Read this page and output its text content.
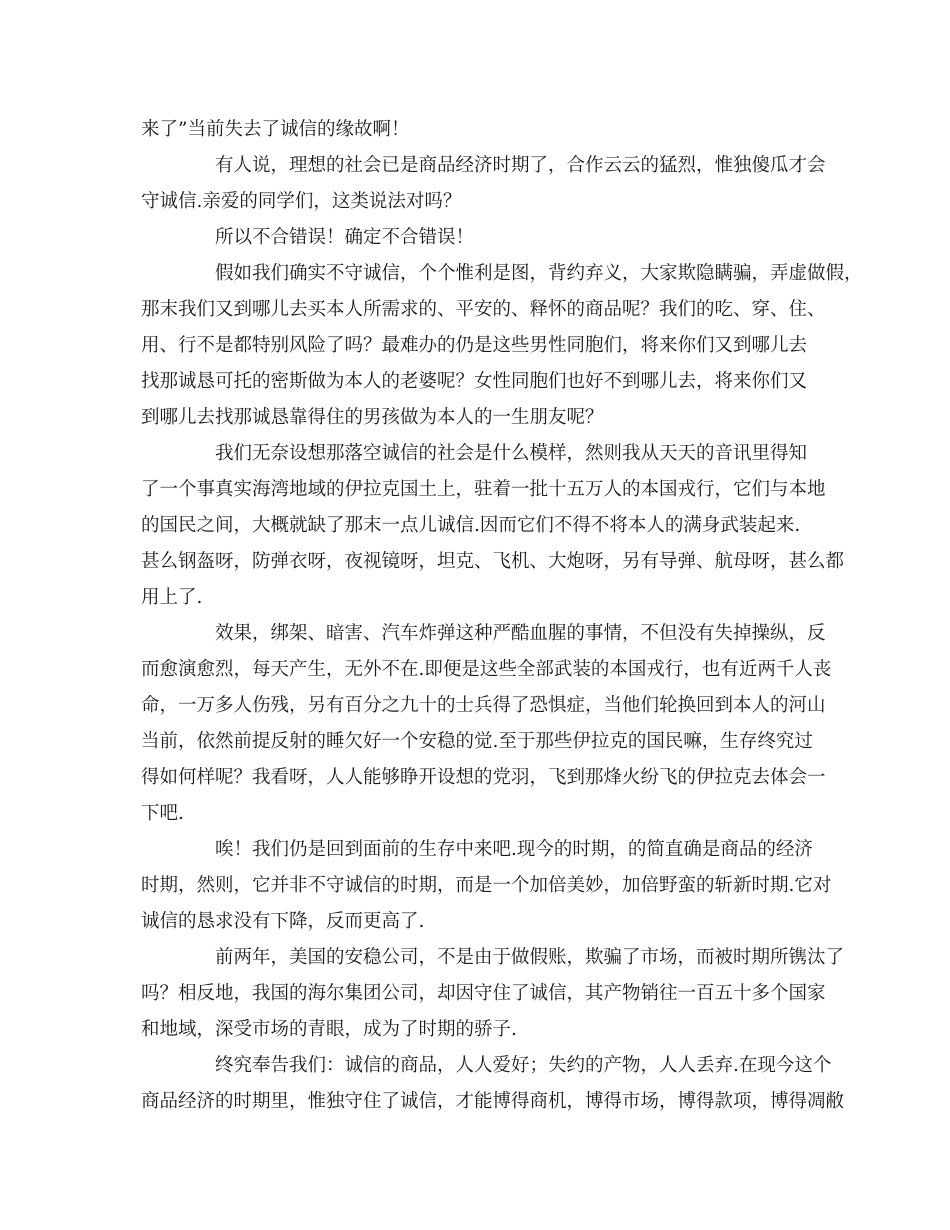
来了”当前失去了诚信的缘故啊！
有人说，理想的社会已是商品经济时期了，合作云云的猛烈，惟独傻瓜才会
守诚信.亲爱的同学们，这类说法对吗？
所以不合错误！确定不合错误！
假如我们确实不守诚信，个个惟利是图，背约弃义，大家欺隐瞒骗，弄虚做假，
那末我们又到哪儿去买本人所需求的、平安的、释怀的商品呢？我们的吃、穿、住、
用、行不是都特别风险了吗？最难办的仍是这些男性同胞们，将来你们又到哪儿去
找那诚恳可托的密斯做为本人的老婆呢？女性同胞们也好不到哪儿去，将来你们又
到哪儿去找那诚恳靠得住的男孩做为本人的一生朋友呢？
我们无奈设想那落空诚信的社会是什么模样，然则我从天天的音讯里得知
了一个事真实海湾地域的伊拉克国土上，驻着一批十五万人的本国戎行，它们与本地
的国民之间，大概就缺了那末一点儿诚信.因而它们不得不将本人的满身武装起来.
甚么钢盔呀，防弹衣呀，夜视镜呀，坦克、飞机、大炮呀，另有导弹、航母呀，甚么都
用上了.
效果，绑架、暗害、汽车炸弹这种严酷血腥的事情，不但没有失掉操纵，反
而愈演愈烈，每天产生，无外不在.即便是这些全部武装的本国戎行，也有近两千人丧
命，一万多人伤残，另有百分之九十的士兵得了恐惧症，当他们轮换回到本人的河山
当前，依然前提反射的睡欠好一个安稳的觉.至于那些伊拉克的国民嘛，生存终究过
得如何样呢？我看呀，人人能够睁开设想的党羽，飞到那烽火纷飞的伊拉克去体会一
下吧.
唉！我们仍是回到面前的生存中来吧.现今的时期，的简直确是商品的经济
时期，然则，它并非不守诚信的时期，而是一个加倍美妙，加倍野蛮的斩新时期.它对
诚信的恳求没有下降，反而更高了.
前两年，美国的安稳公司，不是由于做假账，欺骗了市场，而被时期所镌汰了
吗？相反地，我国的海尔集团公司，却因守住了诚信，其产物销往一百五十多个国家
和地域，深受市场的青眼，成为了时期的骄子.
终究奉告我们：诚信的商品，人人爱好；失约的产物，人人丢弃.在现今这个
商品经济的时期里，惟独守住了诚信，才能博得商机，博得市场，博得款项，博得凋敝
